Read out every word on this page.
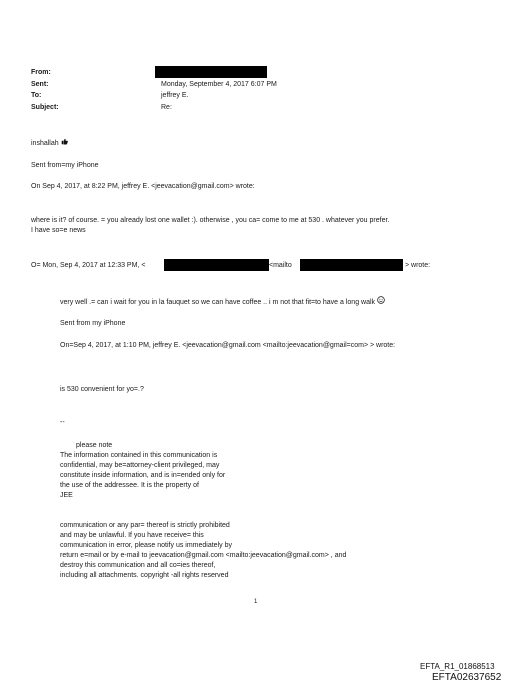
From:
Sent:
To:
Subject:
Monday, September 4, 2017 6:07 PM
jeffrey E.
Re:
inshallah
Sent from=my iPhone
On Sep 4, 2017, at 8:22 PM, jeffrey E. <jeevacation@gmail.com> wrote:
where is it? of course. = you already lost one wallet :). otherwise , you ca= come to me at 530 . whatever you prefer.
I have so=e news
O= Mon, Sep 4, 2017 at 12:33 PM, <	<mailto	> wrote:
very well .= can i wait for you in la fauquet so we can have coffee .. i m not that fit=to have a long walk
Sent from my iPhone
On=Sep 4, 2017, at 1:10 PM, jeffrey E. <jeevacation@gmail.com <mailto:jeevacation@gmail=com> > wrote:
is 530 convenient for yo=.?
--
please note
The information contained in this communication is
confidential, may be=attorney-client privileged, may
constitute inside information, and is in=ended only for
the use of the addressee. It is the property of
JEE
communication or any par= thereof is strictly prohibited
and may be unlawful. If you have receive= this
communication in error, please notify us immediately by
return e=mail or by e-mail to jeevacation@gmail.com <mailto:jeevacation@gmail.com> , and
destroy this communication and all co=ies thereof,
including all attachments. copyright -all rights reserved
1
EFTA_R1_01868513
EFTA02637652
